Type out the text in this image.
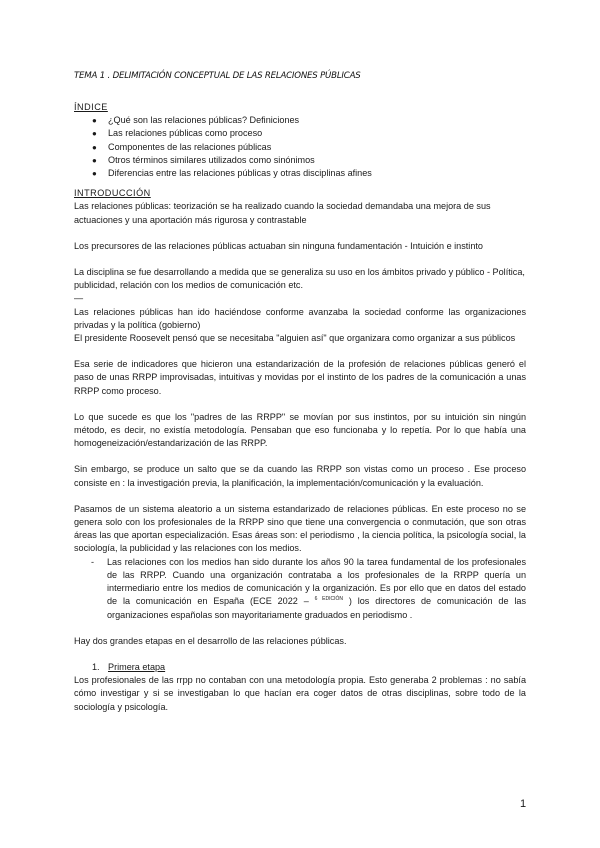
TEMA 1 . DELIMITACIÓN CONCEPTUAL DE LAS RELACIONES PÚBLICAS

ÍNDICE

● ¿Qué son las relaciones públicas? Definiciones
● Las relaciones públicas como proceso
● Componentes de las relaciones públicas
● Otros términos similares utilizados como sinónimos
● Diferencias entre las relaciones públicas y otras disciplinas afines

INTRODUCCIÓN

Las relaciones públicas: teorización se ha realizado cuando la sociedad demandaba una mejora de sus actuaciones y una aportación más rigurosa y contrastable

Los precursores de las relaciones públicas actuaban sin ninguna fundamentación - Intuición e instinto

La disciplina se fue desarrollando a medida que se generaliza su uso en los ámbitos privado y público - Política, publicidad, relación con los medios de comunicación etc.

—

Las relaciones públicas han ido haciéndose conforme avanzaba la sociedad conforme las organizaciones privadas y la política (gobierno)

El presidente Roosevelt pensó que se necesitaba "alguien así" que organizara como organizar a sus públicos

Esa serie de indicadores que hicieron una estandarización de la profesión de relaciones públicas generó el paso de unas RRPP improvisadas, intuitivas y movidas por el instinto de los padres de la comunicación a unas RRPP como proceso.

Lo que sucede es que los "padres de las RRPP" se movían por sus instintos, por su intuición sin ningún método, es decir, no existía metodología. Pensaban que eso funcionaba y lo repetía. Por lo que había una homogeneización/estandarización de las RRPP.

Sin embargo, se produce un salto que se da cuando las RRPP son vistas como un proceso . Ese proceso consiste en : la investigación previa, la planificación, la implementación/comunicación y la evaluación.

Pasamos de un sistema aleatorio a un sistema estandarizado de relaciones públicas. En este proceso no se genera solo con los profesionales de la RRPP sino que tiene una convergencia o conmutación, que son otras áreas las que aportan especialización. Esas áreas son: el periodismo , la ciencia política, la psicología social, la sociología, la publicidad y las relaciones con los medios.

- Las relaciones con los medios han sido durante los años 90 la tarea fundamental de los profesionales de las RRPP. Cuando una organización contrataba a los profesionales de la RRPP quería un intermediario entre los medios de comunicación y la organización. Es por ello que en datos del estado de la comunicación en España (ECE 2022 – $^{6 EDICIÓN}$ ) los directores de comunicación de las organizaciones españolas son mayoritariamente graduados en periodismo .

Hay dos grandes etapas en el desarrollo de las relaciones públicas.

1. Primera etapa

Los profesionales de las rrpp no contaban con una metodología propia. Esto generaba 2 problemas : no sabía cómo investigar y si se investigaban lo que hacían era coger datos de otras disciplinas, sobre todo de la sociología y psicología.

1
